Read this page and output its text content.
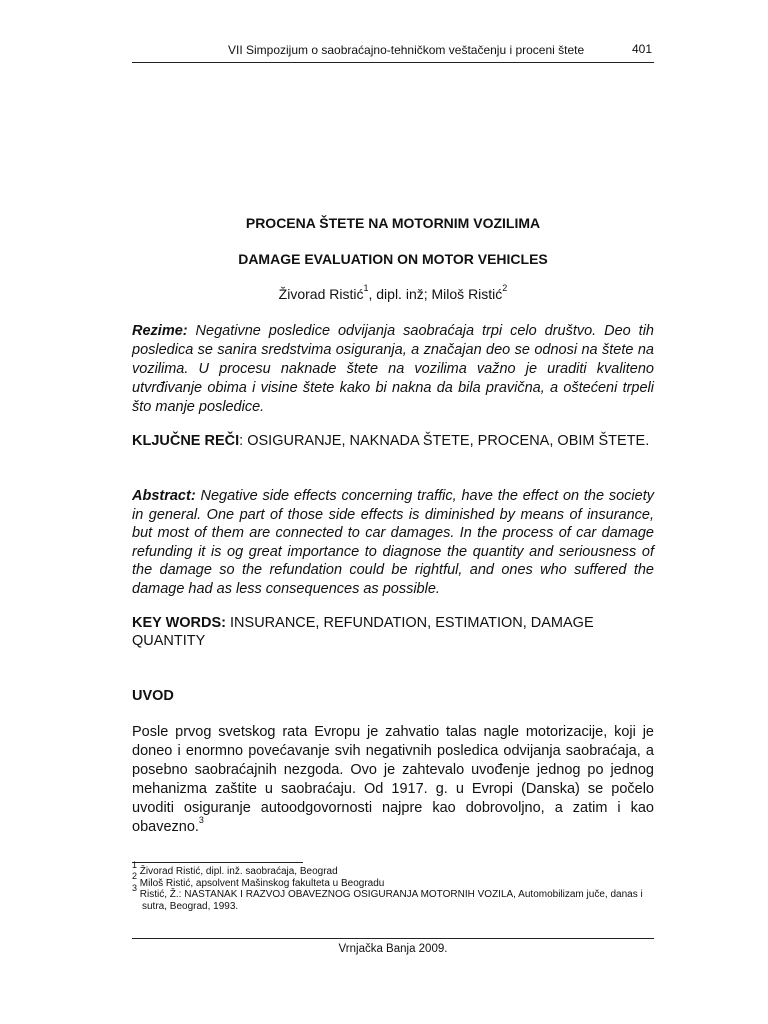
VII Simpozijum o saobraćajno-tehničkom veštačenju i proceni štete	401
PROCENA ŠTETE NA MOTORNIM VOZILIMA
DAMAGE EVALUATION ON MOTOR VEHICLES
Živorad Ristić$^1$, dipl. inž; Miloš Ristić$^2$
Rezime: Negativne posledice odvijanja saobraćaja trpi celo društvo. Deo tih posledica se sanira sredstvima osiguranja, a značajan deo se odnosi na štete na vozilima. U procesu naknade štete na vozilima važno je uraditi kvaliteno utvrđivanje obima i visine štete kako bi nakna da bila pravična, a oštećeni trpeli što manje posledice.
KLJUČNE REČI: OSIGURANJE, NAKNADA ŠTETE, PROCENA, OBIM ŠTETE.
Abstract: Negative side effects concerning traffic, have the effect on the society in general. One part of those side effects is diminished by means of insurance, but most of them are connected to car damages. In the process of car damage refunding it is og great importance to diagnose the quantity and seriousness of the damage so the refundation could be rightful, and ones who suffered the damage had as less consequences as possible.
KEY WORDS: INSURANCE, REFUNDATION, ESTIMATION, DAMAGE QUANTITY
UVOD
Posle prvog svetskog rata Evropu je zahvatio talas nagle motorizacije, koji je doneo i enormno povećavanje svih negativnih posledica odvijanja saobraćaja, a posebno saobraćajnih nezgoda. Ovo je zahtevalo uvođenje jednog po jednog mehanizma zaštite u saobraćaju. Od 1917. g. u Evropi (Danska) se počelo uvoditi osiguranje autoodgovornosti najpre kao dobrovoljno, a zatim i kao obavezno.$^3$
$^1$ Živorad Ristić, dipl. inž. saobraćaja, Beograd
$^2$ Miloš Ristić, apsolvent Mašinskog fakulteta u Beogradu
$^3$ Ristić, Ž.: NASTANAK I RAZVOJ OBAVEZNOG OSIGURANJA MOTORNIH VOZILA, Automobilizam juče, danas i sutra, Beograd, 1993.
Vrnjačka Banja 2009.
